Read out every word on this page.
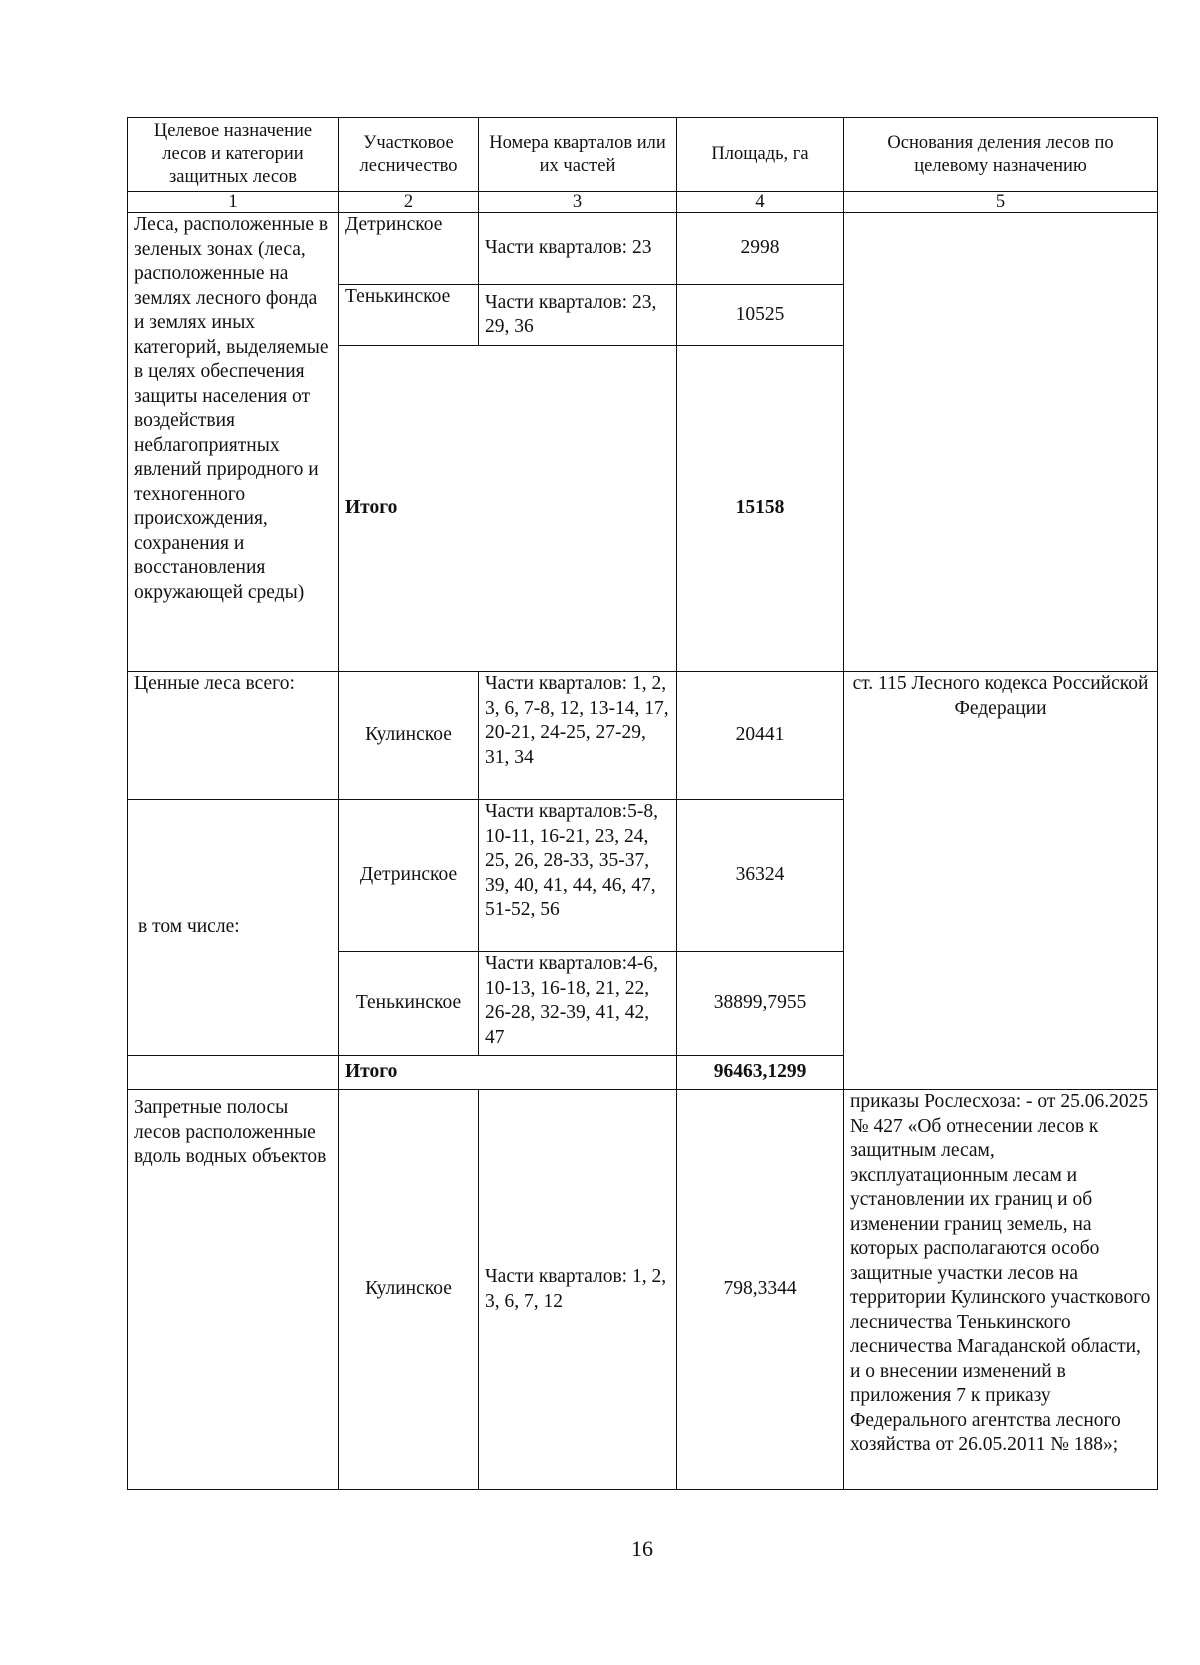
Целевое назначение лесов и категории защитных лесов	Участковое лесничество	Номера кварталов или их частей	Площадь, га	Основания деления лесов по целевому назначению
1	2	3	4	5
Леса, расположенные в зеленых зонах (леса, расположенные на землях лесного фонда и землях иных категорий, выделяемые в целях обеспечения защиты населения от воздействия неблагоприятных явлений природного и техногенного происхождения, сохранения и восстановления окружающей среды)	Детринское	Части кварталов: 23	2998	
	Тенькинское	Части кварталов: 23, 29, 36	10525	
	Итого		15158	
Ценные леса всего:	Кулинское	Части кварталов: 1, 2, 3, 6, 7-8, 12, 13-14, 17, 20-21, 24-25, 27-29, 31, 34	20441	ст. 115 Лесного кодекса Российской Федерации
в том числе:	Детринское	Части кварталов:5-8, 10-11, 16-21, 23, 24, 25, 26, 28-33, 35-37, 39, 40, 41, 44, 46, 47, 51-52, 56	36324	
	Тенькинское	Части кварталов:4-6, 10-13, 16-18, 21, 22, 26-28, 32-39, 41, 42, 47	38899,7955	
	Итого		96463,1299	
Запретные полосы лесов расположенные вдоль водных объектов	Кулинское	Части кварталов: 1, 2, 3, 6, 7, 12	798,3344	приказы Рослесхоза: - от 25.06.2025 № 427 «Об отнесении лесов к защитным лесам, эксплуатационным лесам и установлении их границ и об изменении границ земель, на которых располагаются особо защитные участки лесов на территории Кулинского участкового лесничества Тенькинского лесничества Магаданской области, и о внесении изменений в приложения 7 к приказу Федерального агентства лесного хозяйства от 26.05.2011 № 188»;
16
